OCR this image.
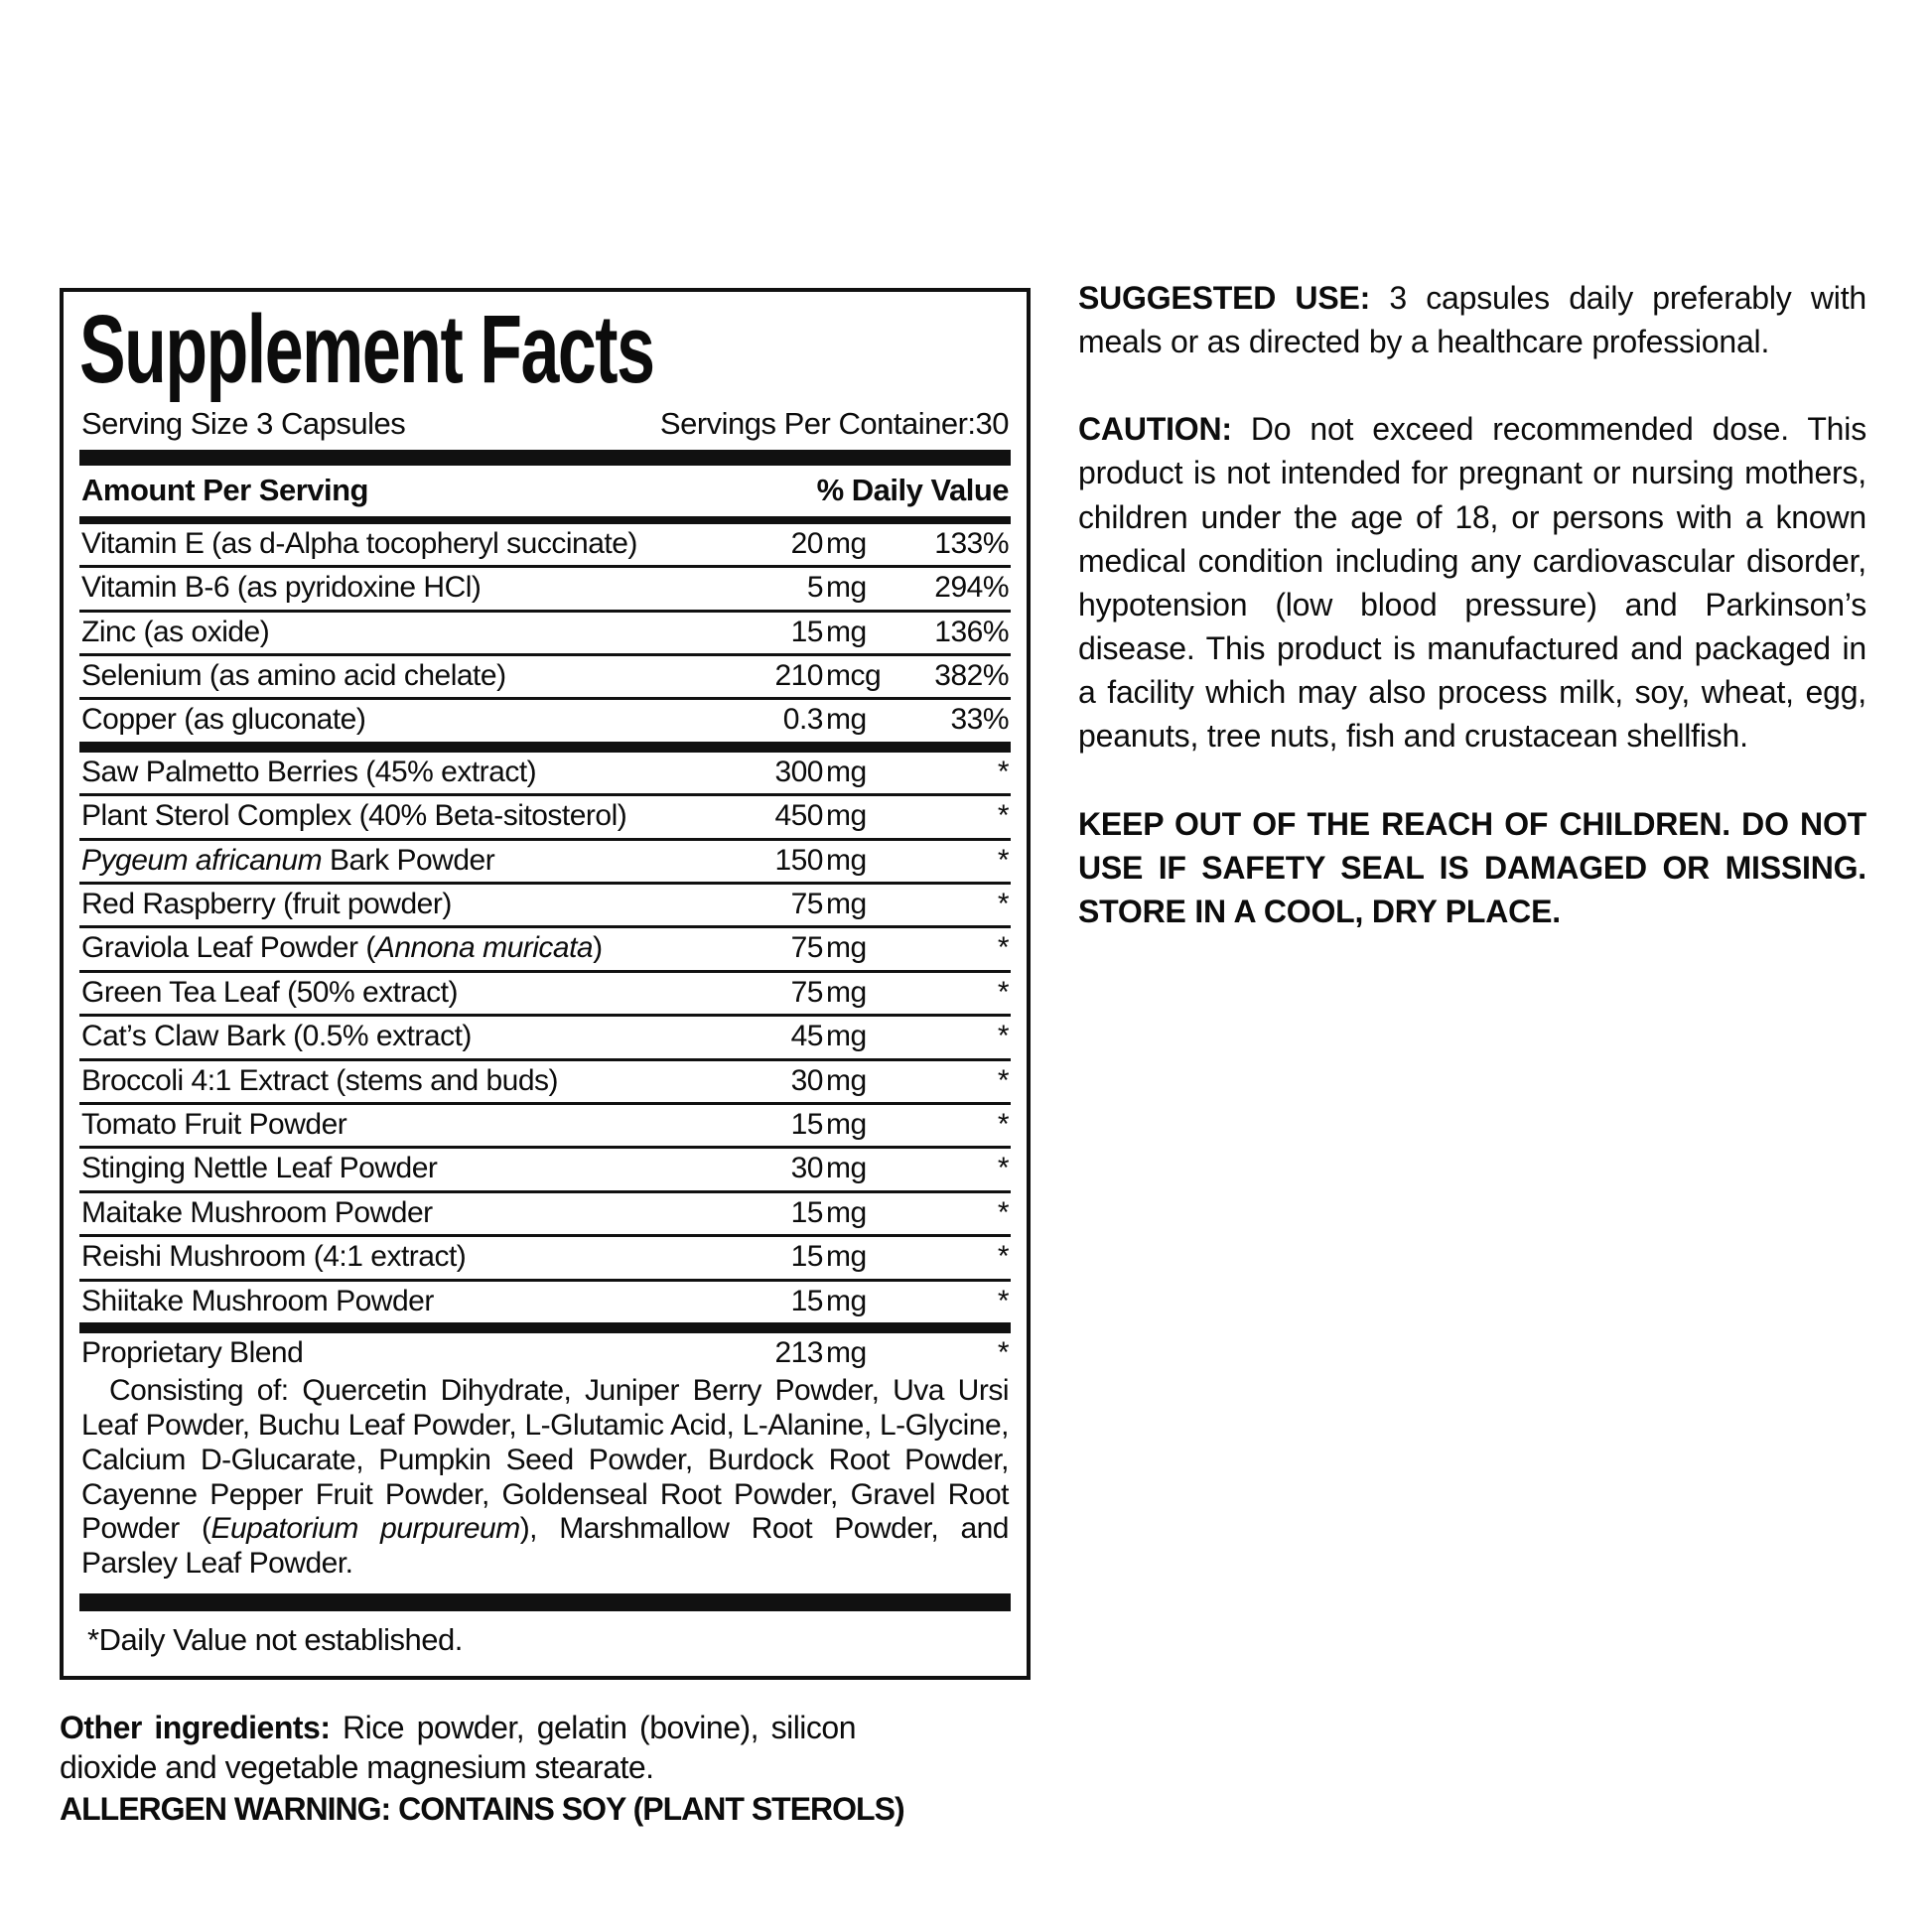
Supplement Facts
Serving Size 3 Capsules	Servings Per Container:30
Amount Per Serving	% Daily Value
Vitamin E (as d-Alpha tocopheryl succinate)	20 mg	133%
Vitamin B-6 (as pyridoxine HCl)	5 mg	294%
Zinc (as oxide)	15 mg	136%
Selenium (as amino acid chelate)	210 mcg	382%
Copper (as gluconate)	0.3 mg	33%
Saw Palmetto Berries (45% extract)	300 mg	*
Plant Sterol Complex (40% Beta-sitosterol)	450 mg	*
Pygeum africanum Bark Powder	150 mg	*
Red Raspberry (fruit powder)	75 mg	*
Graviola Leaf Powder (Annona muricata)	75 mg	*
Green Tea Leaf (50% extract)	75 mg	*
Cat’s Claw Bark (0.5% extract)	45 mg	*
Broccoli 4:1 Extract (stems and buds)	30 mg	*
Tomato Fruit Powder	15 mg	*
Stinging Nettle Leaf Powder	30 mg	*
Maitake Mushroom Powder	15 mg	*
Reishi Mushroom (4:1 extract)	15 mg	*
Shiitake Mushroom Powder	15 mg	*
Proprietary Blend	213 mg	*

Consisting of: Quercetin Dihydrate, Juniper Berry Powder, Uva Ursi Leaf Powder, Buchu Leaf Powder, L-Glutamic Acid, L-Alanine, L-Glycine, Calcium D-Glucarate, Pumpkin Seed Powder, Burdock Root Powder, Cayenne Pepper Fruit Powder, Goldenseal Root Powder, Gravel Root Powder (Eupatorium purpureum), Marshmallow Root Powder, and Parsley Leaf Powder.

*Daily Value not established.

Other ingredients: Rice powder, gelatin (bovine), silicon dioxide and vegetable magnesium stearate.

ALLERGEN WARNING: CONTAINS SOY (PLANT STEROLS)

SUGGESTED USE: 3 capsules daily preferably with meals or as directed by a healthcare professional.

CAUTION: Do not exceed recommended dose. This product is not intended for pregnant or nursing mothers, children under the age of 18, or persons with a known medical condition including any cardiovascular disorder, hypotension (low blood pressure) and Parkinson’s disease. This product is manufactured and packaged in a facility which may also process milk, soy, wheat, egg, peanuts, tree nuts, fish and crustacean shellfish.

KEEP OUT OF THE REACH OF CHILDREN. DO NOT USE IF SAFETY SEAL IS DAMAGED OR MISSING. STORE IN A COOL, DRY PLACE.
